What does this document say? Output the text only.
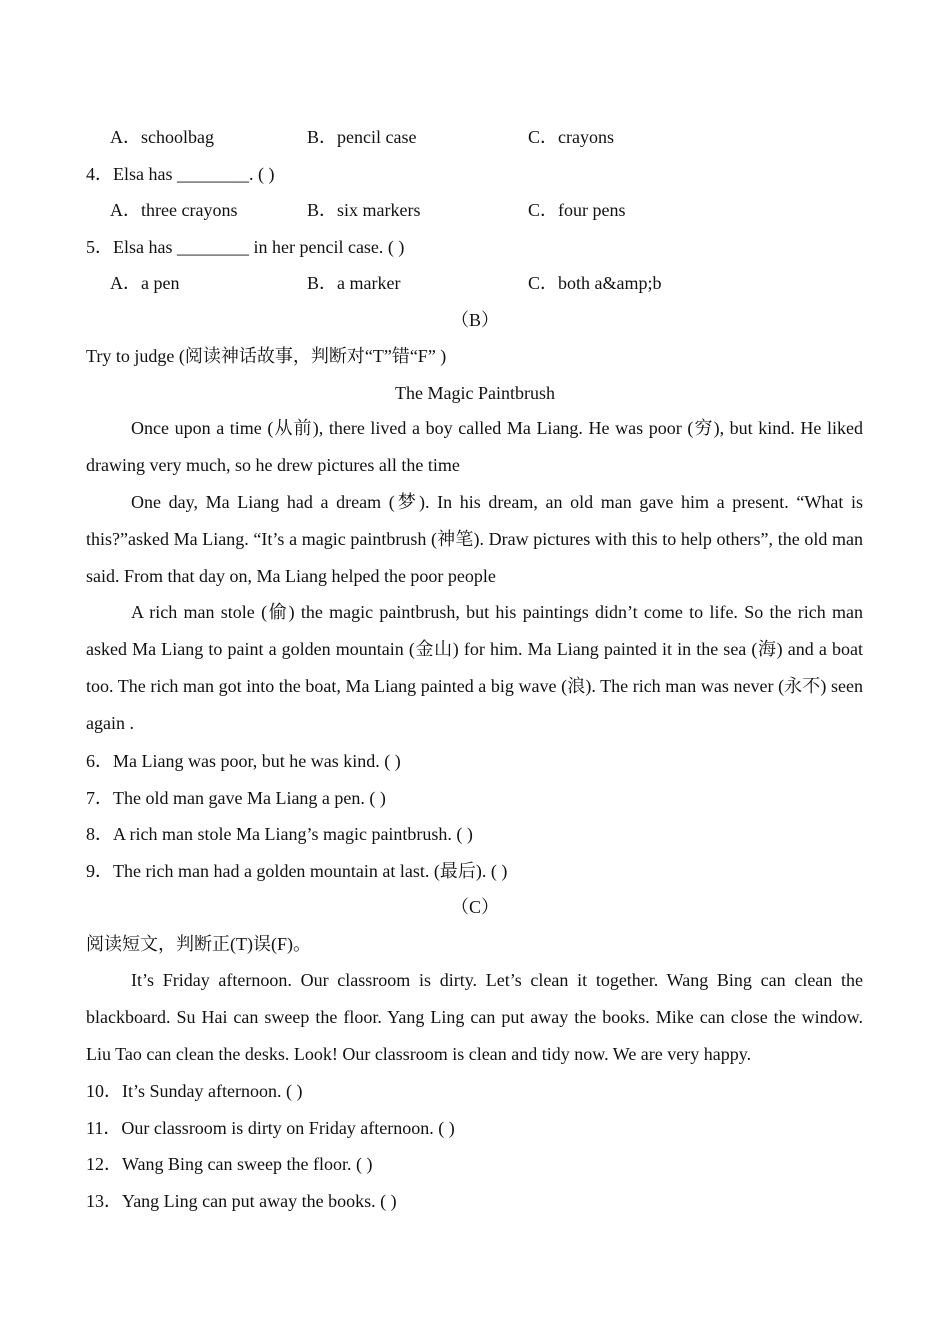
A．schoolbag	B．pencil case	C．crayons
4．Elsa has ________. ( )
A．three crayons	B．six markers	C．four pens
5．Elsa has ________ in her pencil case. ( )
A．a pen	B．a marker	C．both a&amp;b
（B）
Try to judge (阅读神话故事，判断对“T”错“F” )
The Magic Paintbrush
Once upon a time (从前), there lived a boy called Ma Liang. He was poor (穷), but kind. He liked drawing very much, so he drew pictures all the time
One day, Ma Liang had a dream (梦). In his dream, an old man gave him a present. “What is this?”asked Ma Liang. “It’s a magic paintbrush (神笔). Draw pictures with this to help others”, the old man said. From that day on, Ma Liang helped the poor people
A rich man stole (偷) the magic paintbrush, but his paintings didn’t come to life. So the rich man asked Ma Liang to paint a golden mountain (金山) for him. Ma Liang painted it in the sea (海) and a boat too. The rich man got into the boat, Ma Liang painted a big wave (浪). The rich man was never (永不) seen again .
6．Ma Liang was poor, but he was kind. ( )
7．The old man gave Ma Liang a pen. ( )
8．A rich man stole Ma Liang’s magic paintbrush. ( )
9．The rich man had a golden mountain at last. (最后). ( )
（C）
阅读短文，判断正(T)误(F)。
It’s Friday afternoon. Our classroom is dirty. Let’s clean it together. Wang Bing can clean the blackboard. Su Hai can sweep the floor. Yang Ling can put away the books. Mike can close the window. Liu Tao can clean the desks. Look! Our classroom is clean and tidy now. We are very happy.
10．It’s Sunday afternoon. ( )
11．Our classroom is dirty on Friday afternoon. ( )
12．Wang Bing can sweep the floor. ( )
13．Yang Ling can put away the books. ( )
